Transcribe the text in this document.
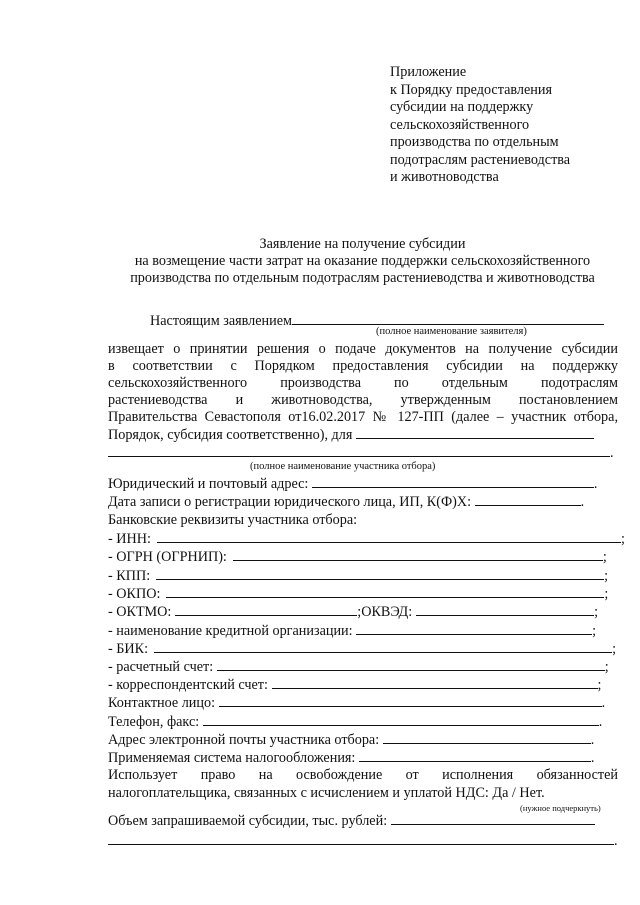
Приложение
к Порядку предоставления
субсидии на поддержку
сельскохозяйственного
производства по отдельным
подотраслям растениеводства
и животноводства
Заявление на получение субсидии
на возмещение части затрат на оказание поддержки сельскохозяйственного
производства по отдельным подотраслям растениеводства и животноводства
Настоящим заявлением
(полное наименование заявителя)
извещает о принятии решения о подаче документов на получение субсидии
в соответствии с Порядком предоставления субсидии на поддержку
сельскохозяйственного производства по отдельным подотраслям
растениеводства и животноводства, утвержденным постановлением
Правительства Севастополя от16.02.2017 № 127-ПП (далее – участник отбора,
Порядок, субсидия соответственно), для
.
(полное наименование участника отбора)
Юридический и почтовый адрес:	.
Дата записи о регистрации юридического лица, ИП, К(Ф)Х:	.
Банковские реквизиты участника отбора:
- ИНН:	;
- ОГРН (ОГРНИП):	;
- КПП:	;
- ОКПО:	;
- ОКТМО:	;ОКВЭД:	;
- наименование кредитной организации:	;
- БИК:	;
- расчетный счет:	;
- корреспондентский счет:	;
Контактное лицо:	.
Телефон, факс:	.
Адрес электронной почты участника отбора:	.
Применяемая система налогообложения:	.
Использует право на освобождение от исполнения обязанностей
налогоплательщика, связанных с исчислением и уплатой НДС: Да / Нет.
(нужное подчеркнуть)
Объем запрашиваемой субсидии, тыс. рублей:
.
